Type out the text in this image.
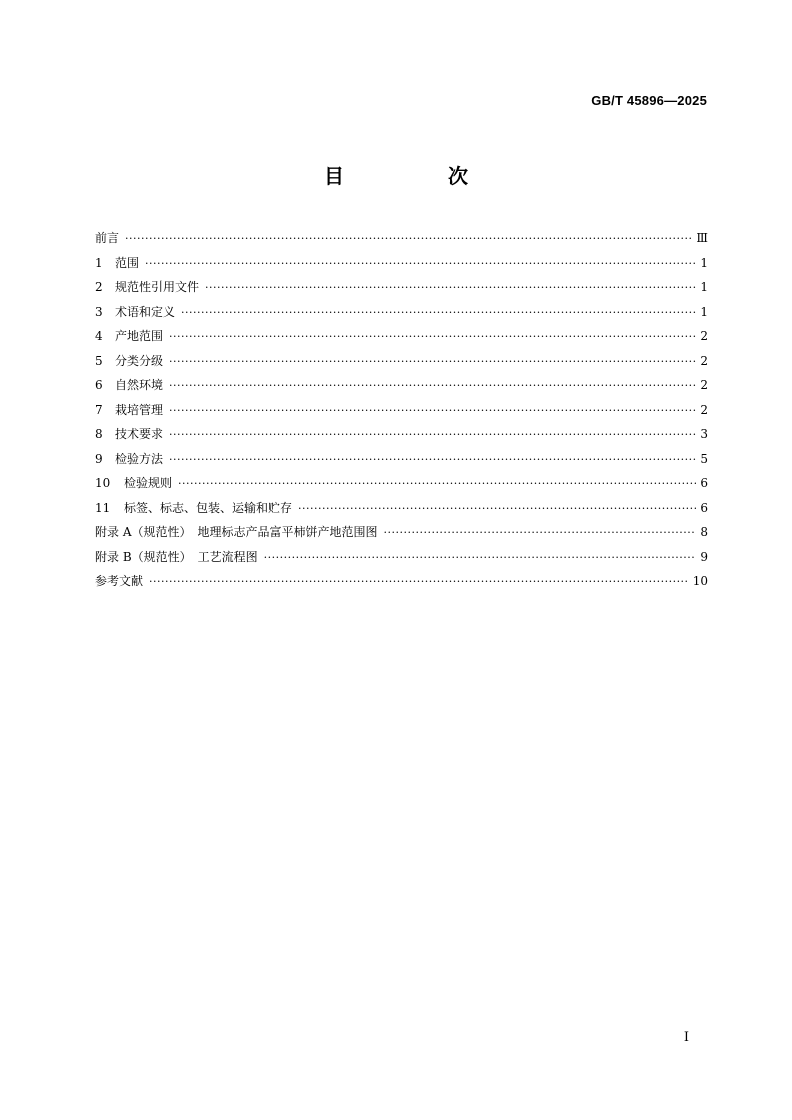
GB/T 45896—2025
目　次
前言 ·····	Ⅲ
1 范围 ·····	1
2 规范性引用文件 ·····	1
3 术语和定义 ·····	1
4 产地范围 ·····	2
5 分类分级 ·····	2
6 自然环境 ·····	2
7 栽培管理 ·····	2
8 技术要求 ·····	3
9 检验方法 ·····	5
10 检验规则 ·····	6
11 标签、标志、包装、运输和贮存 ·····	6
附录 A（规范性）　地理标志产品富平柿饼产地范围图 ·····	8
附录 B（规范性）　工艺流程图 ·····	9
参考文献 ·····	10
I
